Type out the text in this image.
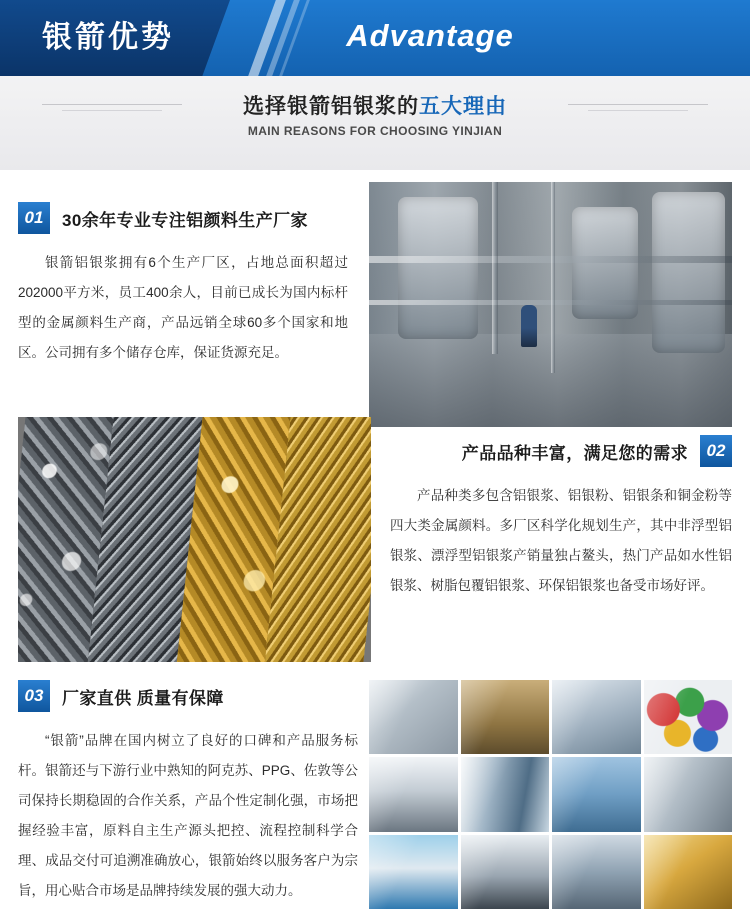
银箭优势	Advantage
选择银箭铝银浆的五大理由
MAIN REASONS FOR CHOOSING YINJIAN
01	30余年专业专注铝颜料生产厂家
银箭铝银浆拥有6个生产厂区，占地总面积超过202000平方米，员工400余人，目前已成长为国内标杆型的金属颜料生产商，产品远销全球60多个国家和地区。公司拥有多个储存仓库，保证货源充足。
产品品种丰富，满足您的需求	02
产品种类多包含铝银浆、铝银粉、铝银条和铜金粉等四大类金属颜料。多厂区科学化规划生产，其中非浮型铝银浆、漂浮型铝银浆产销量独占鳌头，热门产品如水性铝银浆、树脂包覆铝银浆、环保铝银浆也备受市场好评。
03	厂家直供 质量有保障
“银箭”品牌在国内树立了良好的口碑和产品服务标杆。银箭还与下游行业中熟知的阿克苏、PPG、佐敦等公司保持长期稳固的合作关系，产品个性定制化强，市场把握经验丰富，原料自主生产源头把控、流程控制科学合理、成品交付可追溯准确放心，银箭始终以服务客户为宗旨，用心贴合市场是品牌持续发展的强大动力。
